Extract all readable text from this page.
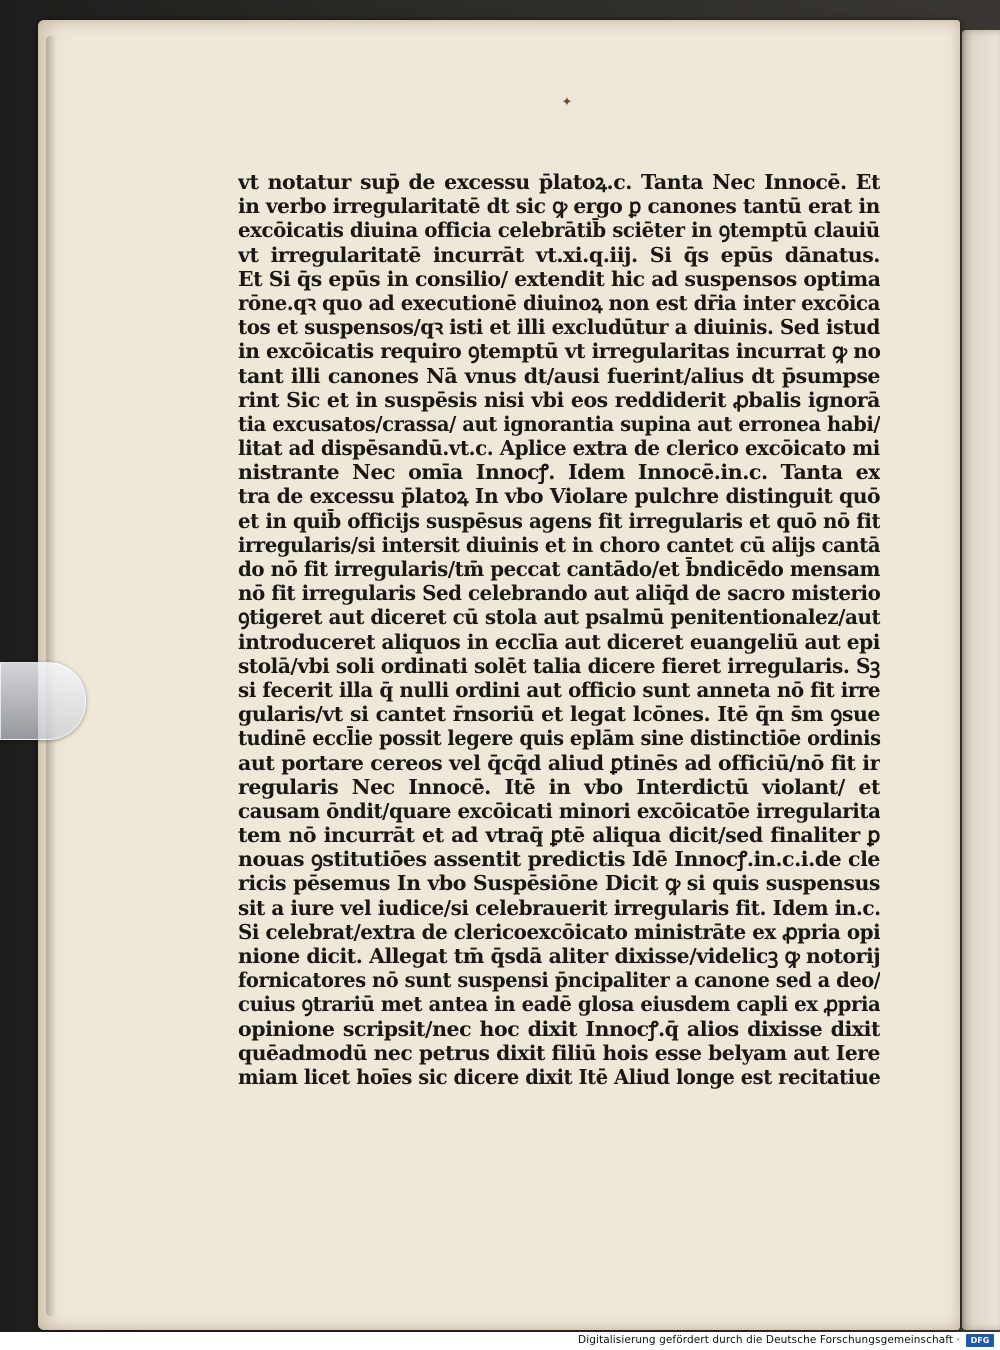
✦
vt notatur sup̄ de excessu p̄latoꝝ.c. Tanta Nec Innocē. Et
in verbo irregularitatē dt sic ꝙ ergo ꝑ canones tantū erat in
excōicatis diuina officia celebrātib̄ sciēter in ꝯtemptū clauiū
vt irregularitatē incurrāt vt.xi.q.iij. Si q̄s epūs dānatus.
Et Si q̄s epūs in consilio/ extendit hic ad suspensos optima
rōne.qꝛ quo ad executionē diuinoꝝ non est dr̄ia inter excōica
tos et suspensos/qꝛ isti et illi excludūtur a diuinis. Sed istud
in excōicatis requiro ꝯtemptū vt irregularitas incurrat ꝙ no
tant illi canones Nā vnus dt/ausi fuerint/alius dt p̄sumpse
rint Sic et in suspēsis nisi vbi eos reddiderit ꝓbalis ignorā
tia excusatos/crassa/ aut ignorantia supina aut erronea habi/
litat ad dispēsandū.vt.c. Aplice extra de clerico excōicato mi
nistrante Nec omīa Innocꝭ. Idem Innocē.in.c. Tanta ex
tra de excessu p̄latoꝝ In vbo Violare pulchre distinguit quō
et in quib̄ officijs suspēsus agens fit irregularis et quō nō fit
irregularis/si intersit diuinis et in choro cantet cū alijs cantā
do nō fit irregularis/tm̄ peccat cantādo/et b̄ndicēdo mensam
nō fit irregularis Sed celebrando aut aliq̄d de sacro misterio
ꝯtigeret aut diceret cū stola aut psalmū penitentionalez/aut
introduceret aliquos in ecclīa aut diceret euangeliū aut epi
stolā/vbi soli ordinati solēt talia dicere fieret irregularis. Sꝫ
si fecerit illa q̄ nulli ordini aut officio sunt anneta nō fit irre
gularis/vt si cantet r̄nsoriū et legat lcōnes. Itē q̄n s̄m ꝯsue
tudinē eccl̄ie possit legere quis eplām sine distinctiōe ordinis
aut portare cereos vel q̄cq̄d aliud ꝑtinēs ad officiū/nō fit ir
regularis Nec Innocē. Itē in vbo Interdictū violant/ et
causam ōndit/quare excōicati minori excōicatōe irregularita
tem nō incurrāt et ad vtraq̄ ꝑtē aliqua dicit/sed finaliter ꝑ
nouas ꝯstitutiōes assentit predictis Idē Innocꝭ.in.c.i.de cle
ricis pēsemus In vbo Suspēsiōne Dicit ꝙ si quis suspensus
sit a iure vel iudice/si celebrauerit irregularis fit. Idem in.c.
Si celebrat/extra de clericoexcōicato ministrāte ex ꝓpria opi
nione dicit. Allegat tm̄ q̄sdā aliter dixisse/videlicꝫ ꝙ notorij
fornicatores nō sunt suspensi p̄ncipaliter a canone sed a deo/
cuius ꝯtrariū met antea in eadē glosa eiusdem capli ex ꝓpria
opinione scripsit/nec hoc dixit Innocꝭ.q̄ alios dixisse dixit
quēadmodū nec petrus dixit filiū hois esse belyam aut Iere
miam licet hoīes sic dicere dixit Itē Aliud longe est recitatiue
Digitalisierung gefördert durch die Deutsche Forschungsgemeinschaft ·	DFG
